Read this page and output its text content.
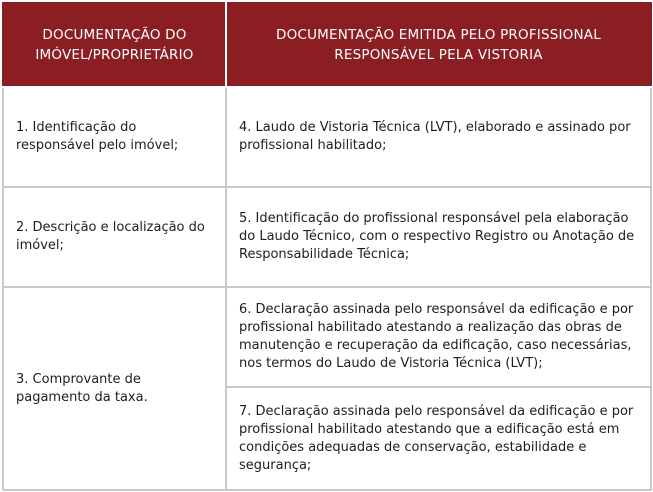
DOCUMENTAÇÃO DO IMÓVEL/PROPRIETÁRIO	DOCUMENTAÇÃO EMITIDA PELO PROFISSIONAL RESPONSÁVEL PELA VISTORIA
1. Identificação do responsável pelo imóvel;	4. Laudo de Vistoria Técnica (LVT), elaborado e assinado por profissional habilitado;
2. Descrição e localização do imóvel;	5. Identificação do profissional responsável pela elaboração do Laudo Técnico, com o respectivo Registro ou Anotação de Responsabilidade Técnica;
3. Comprovante de pagamento da taxa.	6. Declaração assinada pelo responsável da edificação e por profissional habilitado atestando a realização das obras de manutenção e recuperação da edificação, caso necessárias, nos termos do Laudo de Vistoria Técnica (LVT);
	7. Declaração assinada pelo responsável da edificação e por profissional habilitado atestando que a edificação está em condições adequadas de conservação, estabilidade e segurança;
